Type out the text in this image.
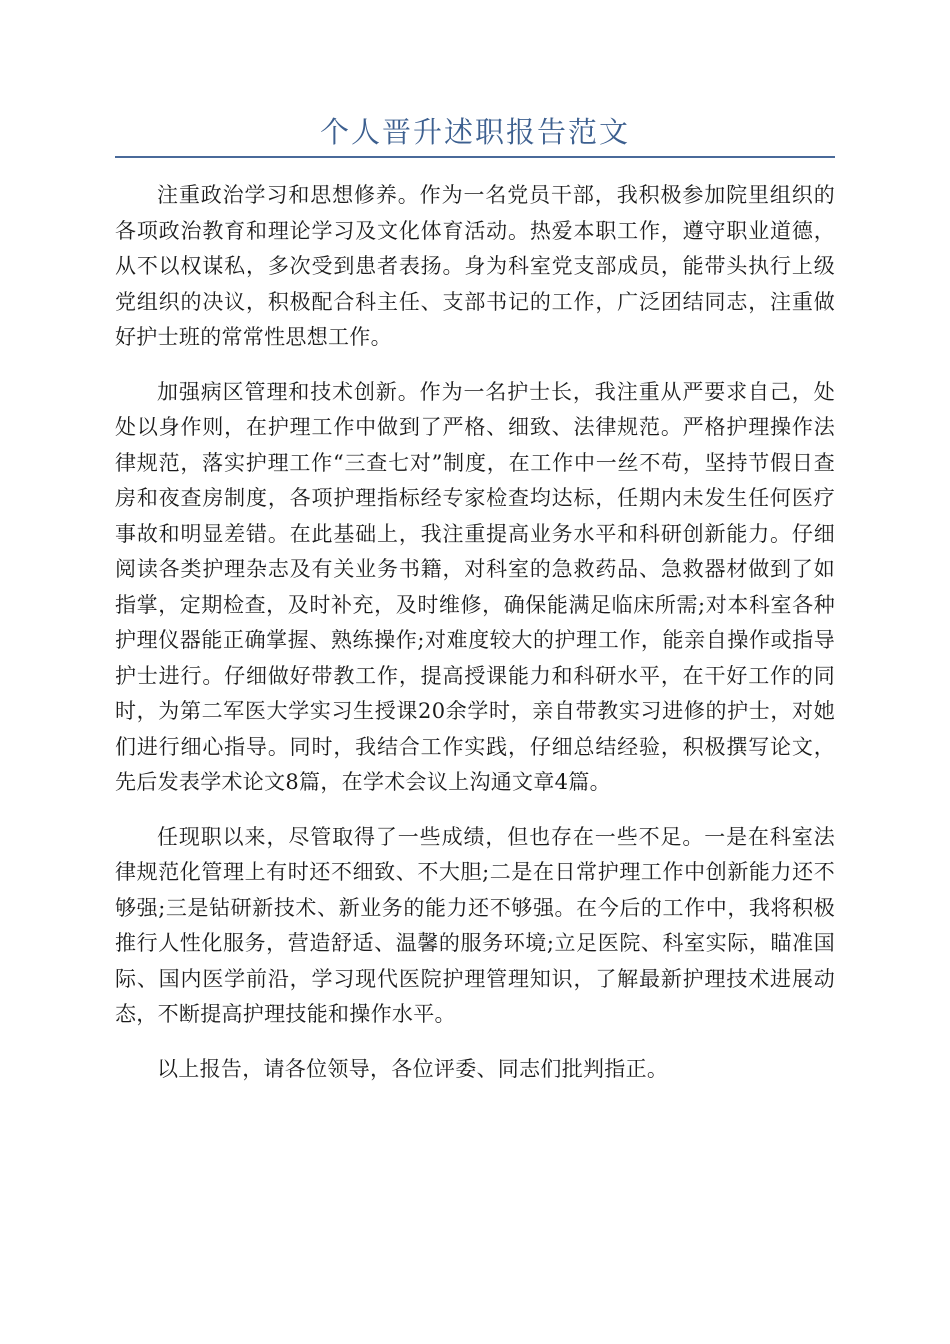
个人晋升述职报告范文

注重政治学习和思想修养。作为一名党员干部，我积极参加院里组织的各项政治教育和理论学习及文化体育活动。热爱本职工作，遵守职业道德，从不以权谋私，多次受到患者表扬。身为科室党支部成员，能带头执行上级党组织的决议，积极配合科主任、支部书记的工作，广泛团结同志，注重做好护士班的常常性思想工作。

加强病区管理和技术创新。作为一名护士长，我注重从严要求自己，处处以身作则，在护理工作中做到了严格、细致、法律规范。严格护理操作法律规范，落实护理工作“三查七对”制度，在工作中一丝不苟，坚持节假日查房和夜查房制度，各项护理指标经专家检查均达标，任期内未发生任何医疗事故和明显差错。在此基础上，我注重提高业务水平和科研创新能力。仔细阅读各类护理杂志及有关业务书籍，对科室的急救药品、急救器材做到了如指掌，定期检查，及时补充，及时维修，确保能满足临床所需;对本科室各种护理仪器能正确掌握、熟练操作;对难度较大的护理工作，能亲自操作或指导护士进行。仔细做好带教工作，提高授课能力和科研水平，在干好工作的同时，为第二军医大学实习生授课20余学时，亲自带教实习进修的护士，对她们进行细心指导。同时，我结合工作实践，仔细总结经验，积极撰写论文，先后发表学术论文8篇，在学术会议上沟通文章4篇。

任现职以来，尽管取得了一些成绩，但也存在一些不足。一是在科室法律规范化管理上有时还不细致、不大胆;二是在日常护理工作中创新能力还不够强;三是钻研新技术、新业务的能力还不够强。在今后的工作中，我将积极推行人性化服务，营造舒适、温馨的服务环境;立足医院、科室实际，瞄准国际、国内医学前沿，学习现代医院护理管理知识，了解最新护理技术进展动态，不断提高护理技能和操作水平。

以上报告，请各位领导，各位评委、同志们批判指正。
